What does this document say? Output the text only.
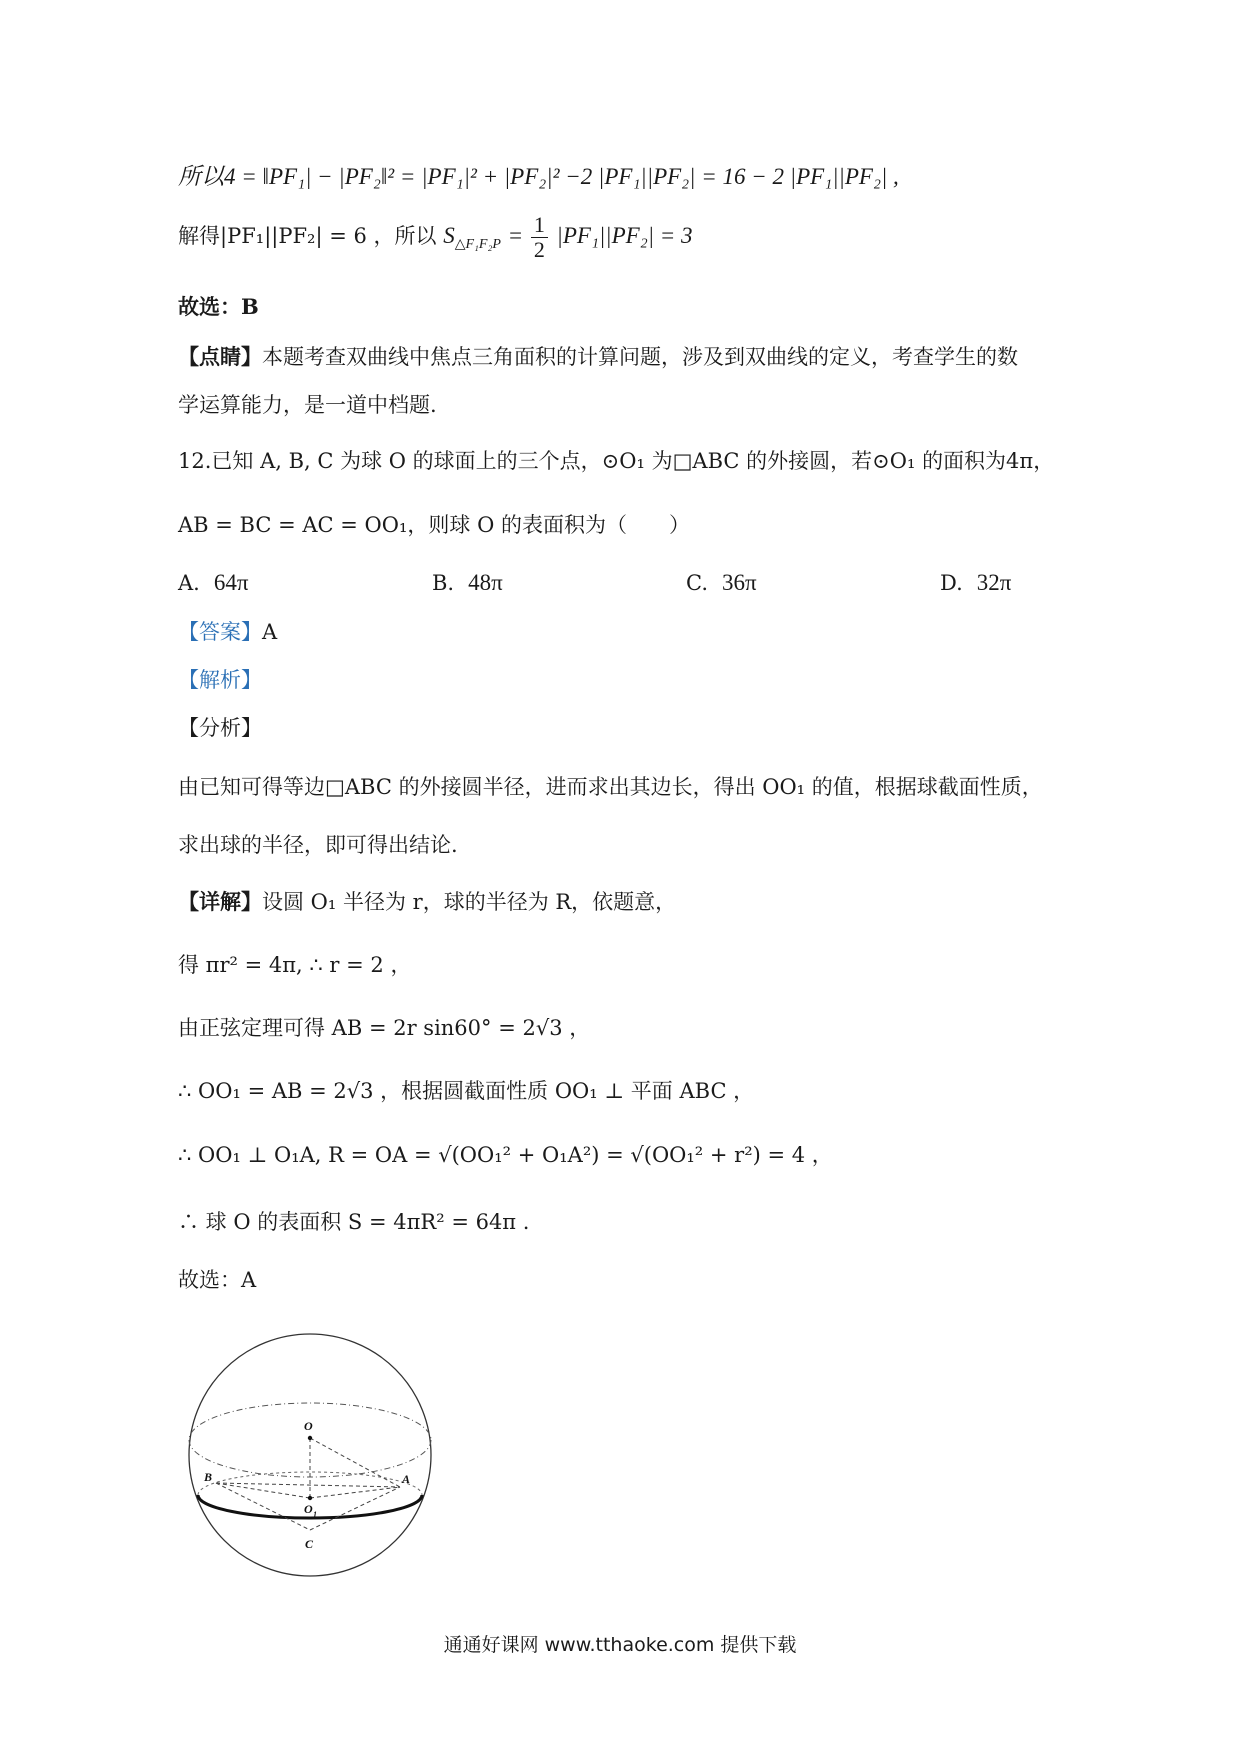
所以4 = ‖PF₁| − |PF₂‖² = |PF₁|² + |PF₂|² −2 |PF₁||PF₂| = 16 − 2 |PF₁||PF₂| ,
解得|PF₁||PF₂| = 6 ，所以 $S_{\triangle F_1F_2P} = \frac{1}{2} |PF_1||PF_2| = 3$
故选：B
【点睛】本题考查双曲线中焦点三角面积的计算问题，涉及到双曲线的定义，考查学生的数
学运算能力，是一道中档题.
12.已知 A, B, C 为球 O 的球面上的三个点，⊙O₁ 为□ABC 的外接圆，若⊙O₁ 的面积为4π，
AB = BC = AC = OO₁，则球 O 的表面积为（　　）
A. 64π	B. 48π	C. 36π	D. 32π
【答案】A
【解析】
【分析】
由已知可得等边□ABC 的外接圆半径，进而求出其边长，得出 OO₁ 的值，根据球截面性质，
求出球的半径，即可得出结论.
【详解】设圆 O₁ 半径为 r，球的半径为 R，依题意，
得 πr² = 4π, ∴ r = 2 ，
由正弦定理可得 AB = 2r sin60° = 2√3 ，
∴ OO₁ = AB = 2√3 ，根据圆截面性质 OO₁ ⊥ 平面 ABC ，
∴ OO₁ ⊥ O₁A, R = OA = √(OO₁² + O₁A²) = √(OO₁² + r²) = 4 ，
∴ 球 O 的表面积 S = 4πR² = 64π .
故选：A
O
A
B
C
O 1
通通好课网 www.tthaoke.com 提供下载
